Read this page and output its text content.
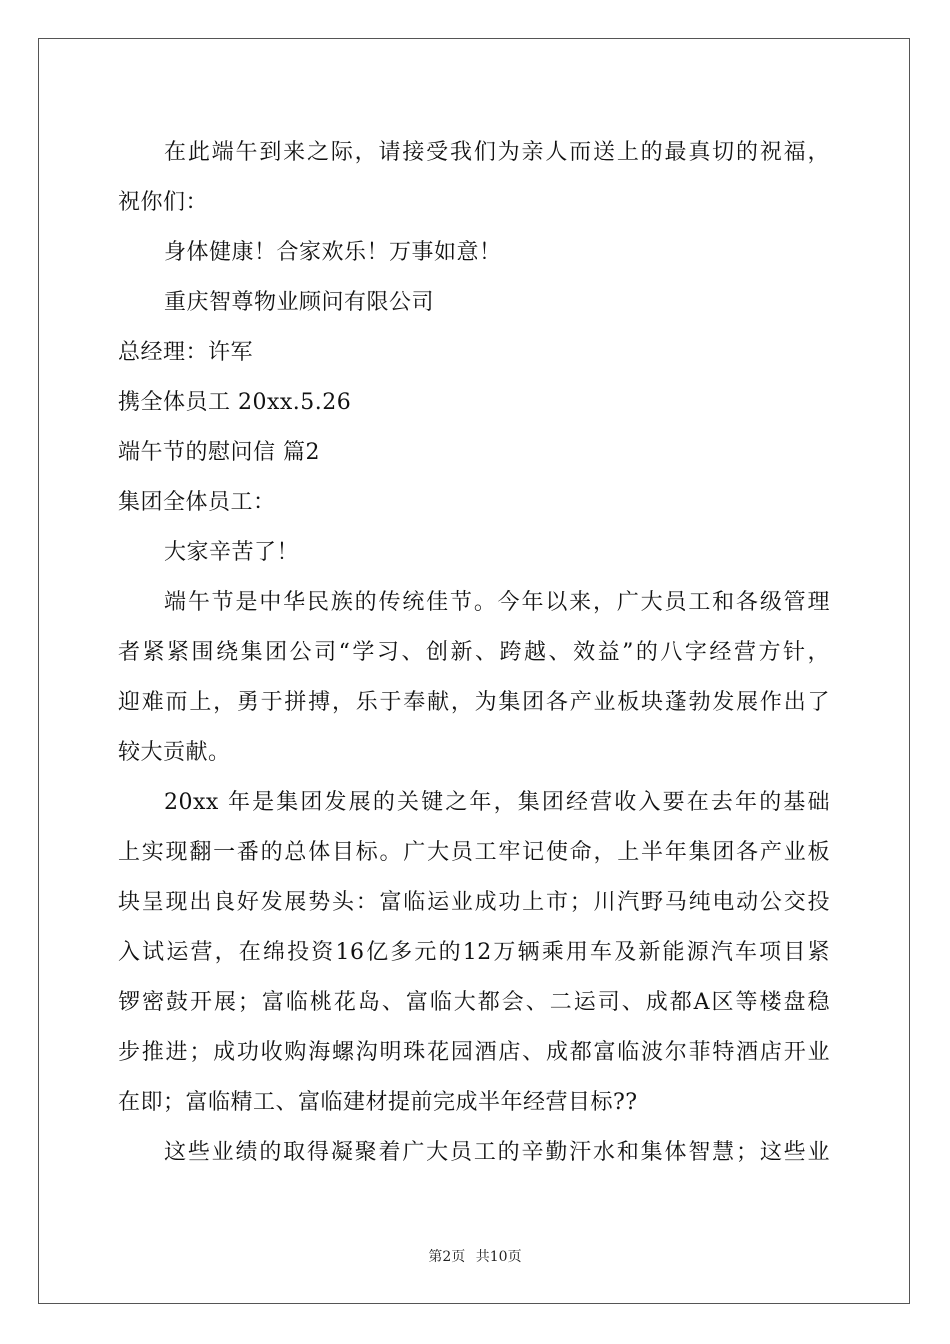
在此端午到来之际，请接受我们为亲人而送上的最真切的祝福，
祝你们：
身体健康！合家欢乐！万事如意！
重庆智尊物业顾问有限公司
总经理：许军
携全体员工 20xx.5.26
端午节的慰问信 篇2
集团全体员工：
大家辛苦了！
端午节是中华民族的传统佳节。今年以来，广大员工和各级管理
者紧紧围绕集团公司“学习、创新、跨越、效益”的八字经营方针，
迎难而上，勇于拼搏，乐于奉献，为集团各产业板块蓬勃发展作出了
较大贡献。
20xx 年是集团发展的关键之年，集团经营收入要在去年的基础
上实现翻一番的总体目标。广大员工牢记使命，上半年集团各产业板
块呈现出良好发展势头：富临运业成功上市；川汽野马纯电动公交投
入试运营，在绵投资16亿多元的12万辆乘用车及新能源汽车项目紧
锣密鼓开展；富临桃花岛、富临大都会、二运司、成都A区等楼盘稳
步推进；成功收购海螺沟明珠花园酒店、成都富临波尔菲特酒店开业
在即；富临精工、富临建材提前完成半年经营目标??
这些业绩的取得凝聚着广大员工的辛勤汗水和集体智慧；这些业
第2页 共10页
